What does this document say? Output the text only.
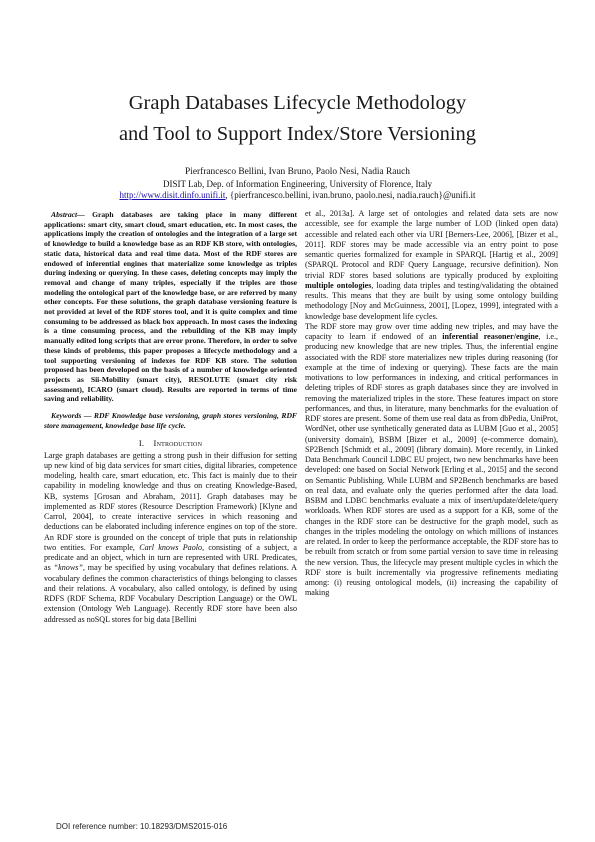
Graph Databases Lifecycle Methodology
and Tool to Support Index/Store Versioning
Pierfrancesco Bellini, Ivan Bruno, Paolo Nesi, Nadia Rauch
DISIT Lab, Dep. of Information Engineering, University of Florence, Italy
http://www.disit.dinfo.unifi.it, {pierfrancesco.bellini, ivan.bruno, paolo.nesi, nadia.rauch}@unifi.it

Abstract— Graph databases are taking place in many different applications: smart city, smart cloud, smart education, etc. In most cases, the applications imply the creation of ontologies and the integration of a large set of knowledge to build a knowledge base as an RDF KB store, with ontologies, static data, historical data and real time data. Most of the RDF stores are endowed of inferential engines that materialize some knowledge as triples during indexing or querying. In these cases, deleting concepts may imply the removal and change of many triples, especially if the triples are those modeling the ontological part of the knowledge base, or are referred by many other concepts. For these solutions, the graph database versioning feature is not provided at level of the RDF stores tool, and it is quite complex and time consuming to be addressed as black box approach. In most cases the indexing is a time consuming process, and the rebuilding of the KB may imply manually edited long scripts that are error prone. Therefore, in order to solve these kinds of problems, this paper proposes a lifecycle methodology and a tool supporting versioning of indexes for RDF KB store. The solution proposed has been developed on the basis of a number of knowledge oriented projects as Sii-Mobility (smart city), RESOLUTE (smart city risk assessment), ICARO (smart cloud). Results are reported in terms of time saving and reliability.

Keywords — RDF Knowledge base versioning, graph stores versioning, RDF store management, knowledge base life cycle.

I. Introduction

Large graph databases are getting a strong push in their diffusion for setting up new kind of big data services for smart cities, digital libraries, competence modeling, health care, smart education, etc. This fact is mainly due to their capability in modeling knowledge and thus on creating Knowledge-Based, KB, systems [Grosan and Abraham, 2011]. Graph databases may be implemented as RDF stores (Resource Description Framework) [Klyne and Carrol, 2004], to create interactive services in which reasoning and deductions can be elaborated including inference engines on top of the store. An RDF store is grounded on the concept of triple that puts in relationship two entities. For example, Carl knows Paolo, consisting of a subject, a predicate and an object, which in turn are represented with URI. Predicates, as “knows”, may be specified by using vocabulary that defines relations. A vocabulary defines the common characteristics of things belonging to classes and their relations. A vocabulary, also called ontology, is defined by using RDFS (RDF Schema, RDF Vocabulary Description Language) or the OWL extension (Ontology Web Language). Recently RDF store have been also addressed as noSQL stores for big data [Bellini

et al., 2013a]. A large set of ontologies and related data sets are now accessible, see for example the large number of LOD (linked open data) accessible and related each other via URI [Berners-Lee, 2006], [Bizer et al., 2011]. RDF stores may be made accessible via an entry point to pose semantic queries formalized for example in SPARQL [Hartig et al., 2009] (SPARQL Protocol and RDF Query Language, recursive definition). Non trivial RDF stores based solutions are typically produced by exploiting multiple ontologies, loading data triples and testing/validating the obtained results. This means that they are built by using some ontology building methodology [Noy and McGuinness, 2001], [Lopez, 1999], integrated with a knowledge base development life cycles.

The RDF store may grow over time adding new triples, and may have the capacity to learn if endowed of an inferential reasoner/engine, i.e., producing new knowledge that are new triples. Thus, the inferential engine associated with the RDF store materializes new triples during reasoning (for example at the time of indexing or querying). These facts are the main motivations to low performances in indexing, and critical performances in deleting triples of RDF stores as graph databases since they are involved in removing the materialized triples in the store. These features impact on store performances, and thus, in literature, many benchmarks for the evaluation of RDF stores are present. Some of them use real data as from dbPedia, UniProt, WordNet, other use synthetically generated data as LUBM [Guo et al., 2005] (university domain), BSBM [Bizer et al., 2009] (e-commerce domain), SP2Bench [Schmidt et al., 2009] (library domain). More recently, in Linked Data Benchmark Council LDBC EU project, two new benchmarks have been developed: one based on Social Network [Erling et al., 2015] and the second on Semantic Publishing. While LUBM and SP2Bench benchmarks are based on real data, and evaluate only the queries performed after the data load. BSBM and LDBC benchmarks evaluate a mix of insert/update/delete/query workloads. When RDF stores are used as a support for a KB, some of the changes in the RDF store can be destructive for the graph model, such as changes in the triples modeling the ontology on which millions of instances are related. In order to keep the performance acceptable, the RDF store has to be rebuilt from scratch or from some partial version to save time in releasing the new version. Thus, the lifecycle may present multiple cycles in which the RDF store is built incrementally via progressive refinements mediating among: (i) reusing ontological models, (ii) increasing the capability of making

DOI reference number: 10.18293/DMS2015-016
